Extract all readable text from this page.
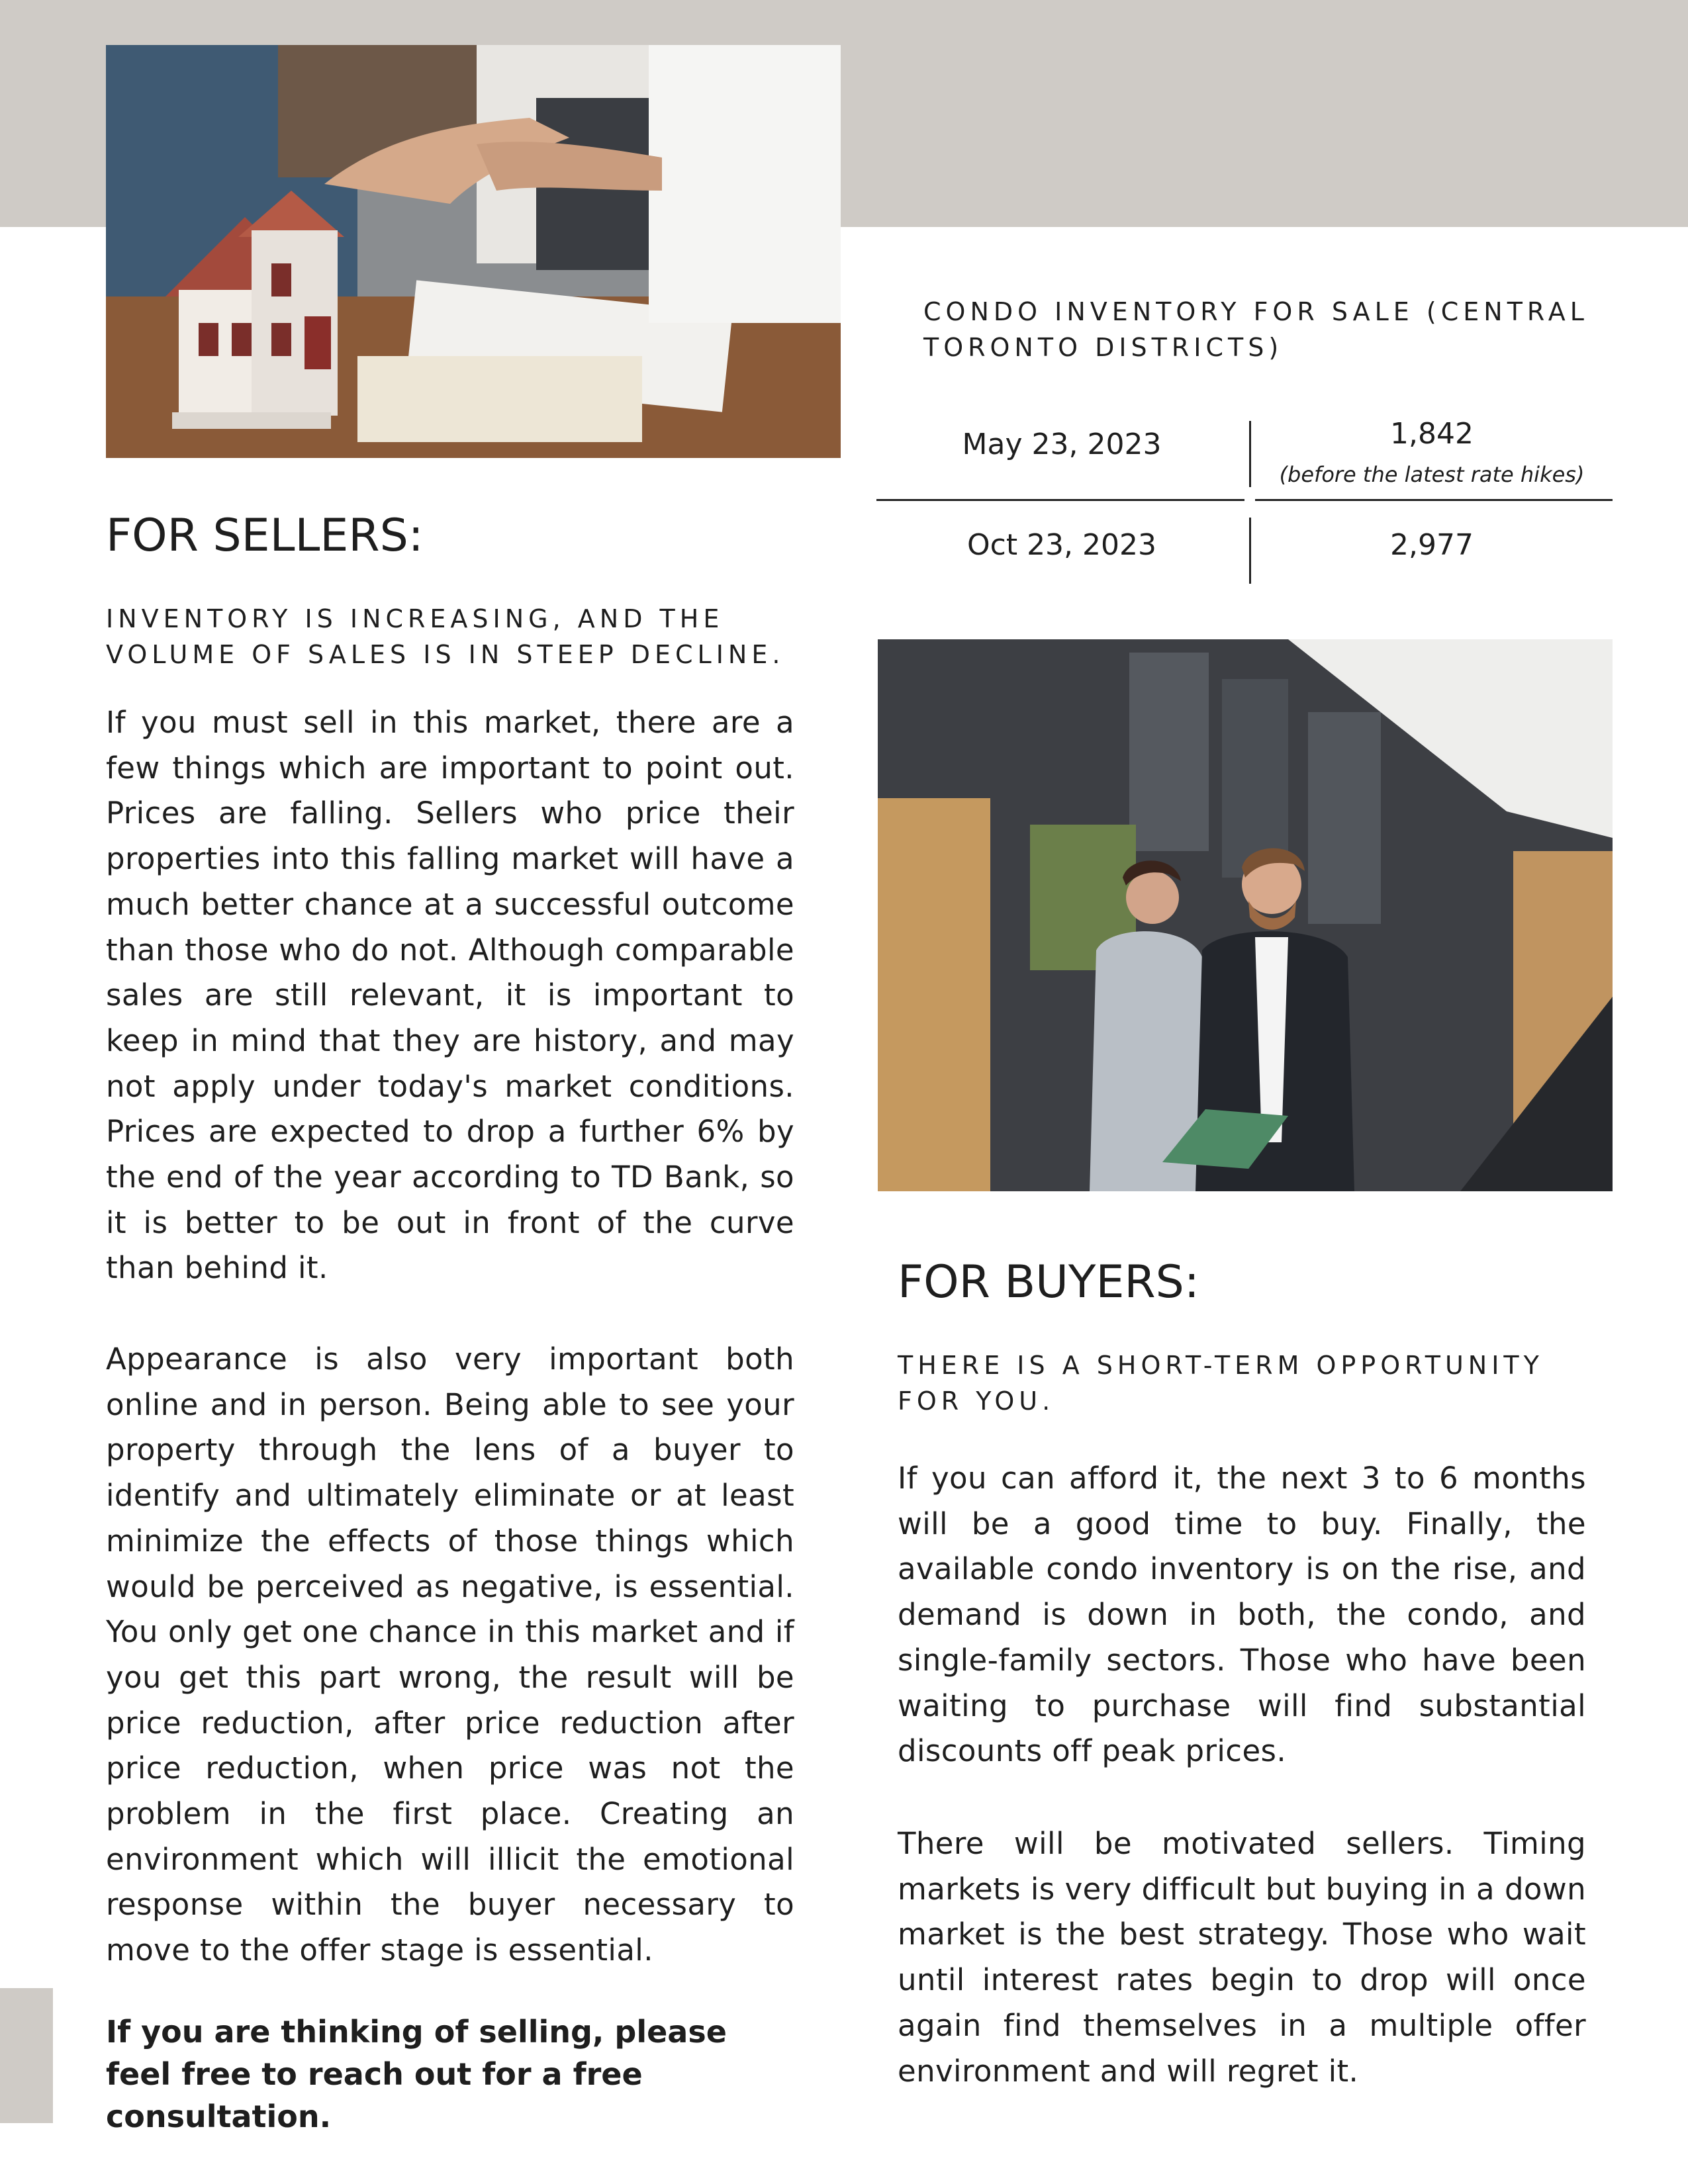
CONDO INVENTORY FOR SALE (CENTRAL TORONTO DISTRICTS)
May 23, 2023	1,842
(before the latest rate hikes)
Oct 23, 2023	2,977
FOR SELLERS:
INVENTORY IS INCREASING, AND THE VOLUME OF SALES IS IN STEEP DECLINE.

If you must sell in this market, there are a few things which are important to point out. Prices are falling. Sellers who price their properties into this falling market will have a much better chance at a successful outcome than those who do not. Although comparable sales are still relevant, it is important to keep in mind that they are history, and may not apply under today's market conditions. Prices are expected to drop a further 6% by the end of the year according to TD Bank, so it is better to be out in front of the curve than behind it.

Appearance is also very important both online and in person. Being able to see your property through the lens of a buyer to identify and ultimately eliminate or at least minimize the effects of those things which would be perceived as negative, is essential. You only get one chance in this market and if you get this part wrong, the result will be price reduction, after price reduction after price reduction, when price was not the problem in the first place. Creating an environment which will illicit the emotional response within the buyer necessary to move to the offer stage is essential.

If you are thinking of selling, please feel free to reach out for a free consultation.

FOR BUYERS:
THERE IS A SHORT-TERM OPPORTUNITY FOR YOU.

If you can afford it, the next 3 to 6 months will be a good time to buy. Finally, the available condo inventory is on the rise, and demand is down in both, the condo, and single-family sectors. Those who have been waiting to purchase will find substantial discounts off peak prices.

There will be motivated sellers. Timing markets is very difficult but buying in a down market is the best strategy. Those who wait until interest rates begin to drop will once again find themselves in a multiple offer environment and will regret it.
